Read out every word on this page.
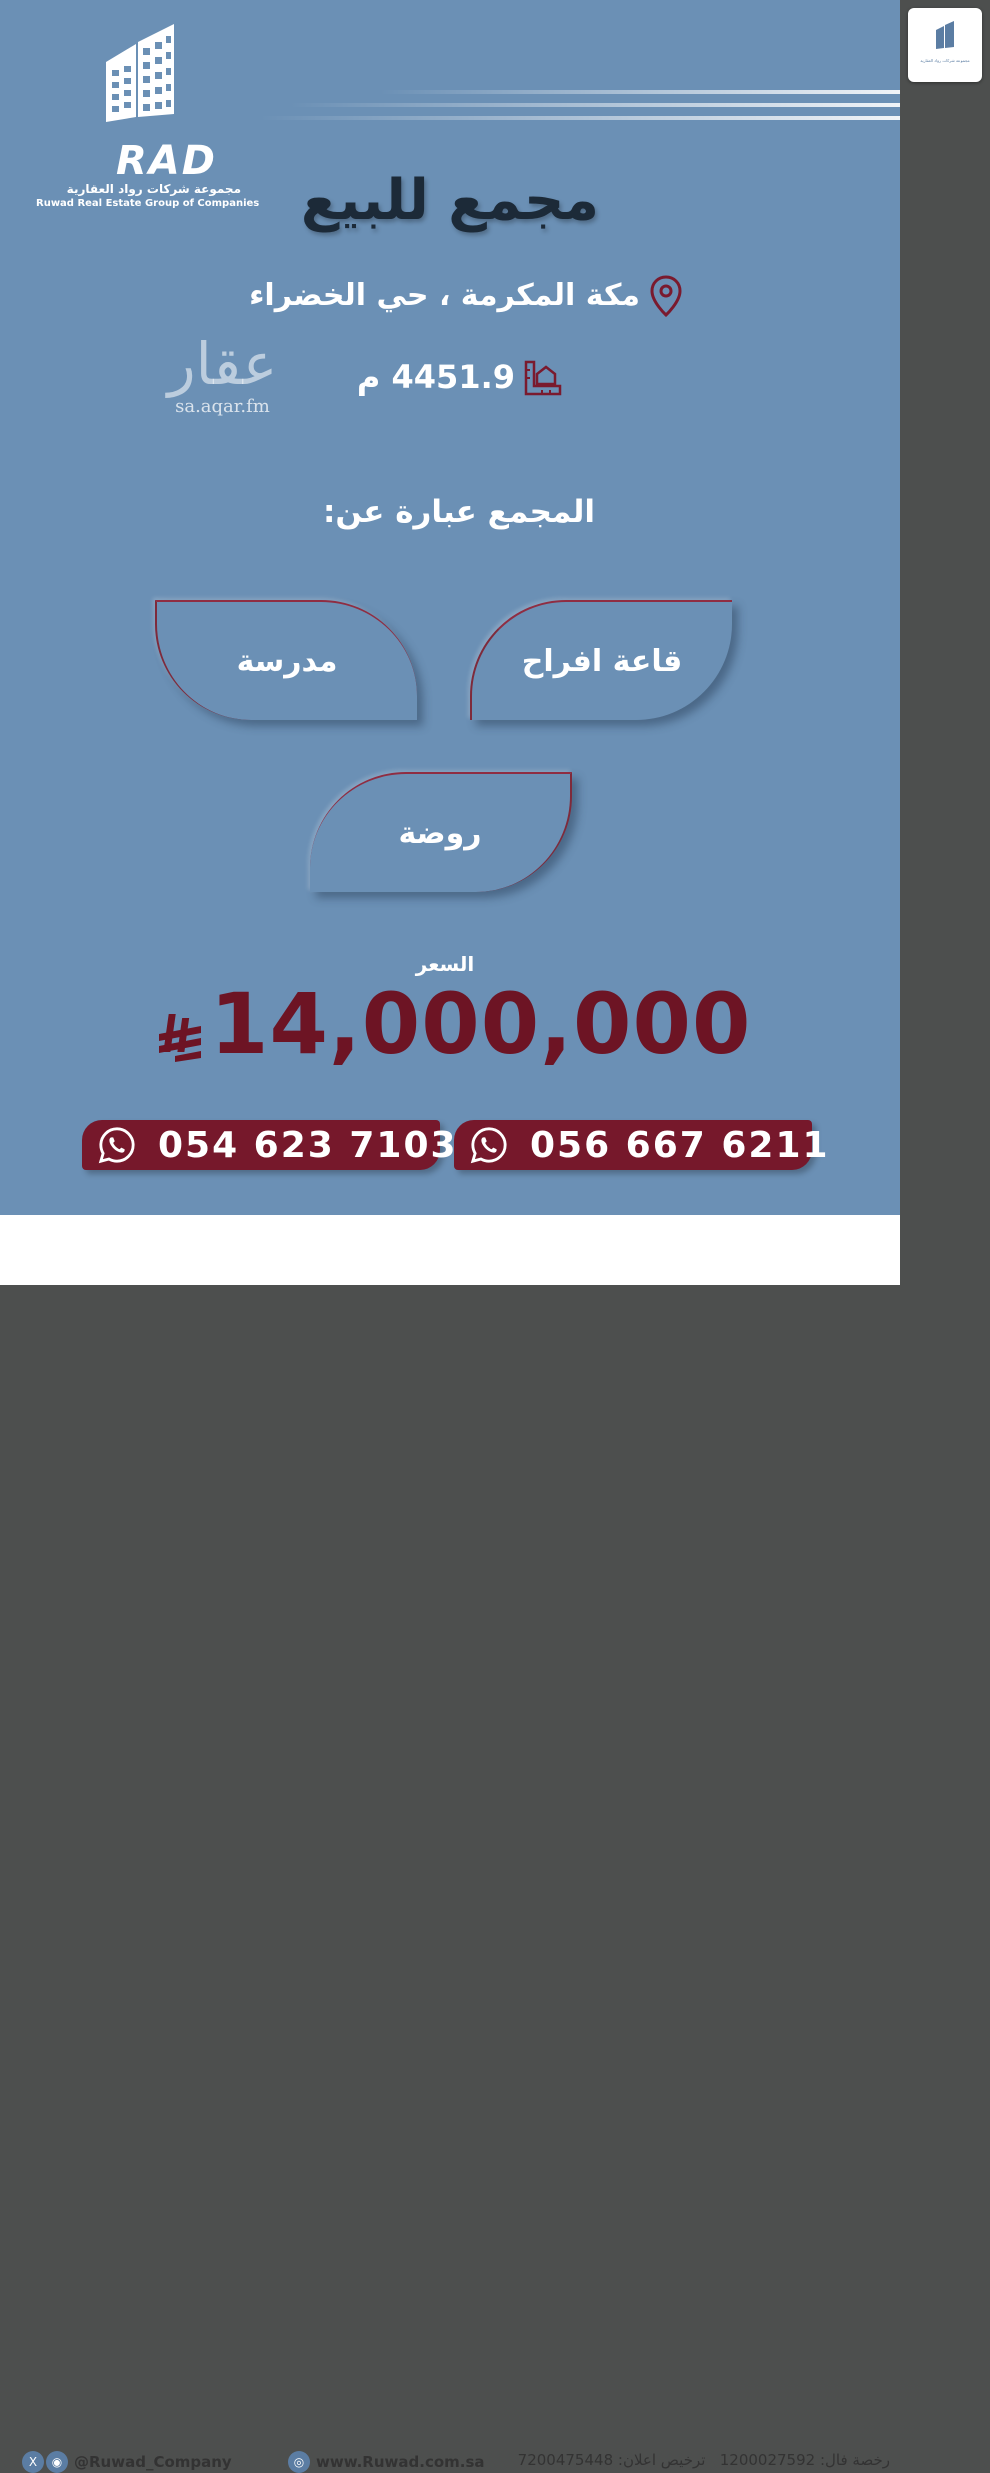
RAD
مجموعة شركات رواد العقارية
Ruwad Real Estate Group of Companies مجمع للبيع
مكة المكرمة ، حي الخضراء
عقار
sa.aqar.fm
4451.9 م
المجمع عبارة عن:
قاعة افراح
مدرسة
روضة
السعر
14,000,000
056 667 6211
054 623 7103
مجموعة شركات رواد العقارية
رخصة فال: 1200027592   ترخيص اعلان: 7200475448
◎ www.Ruwad.com.sa
X	◉ @Ruwad_Company
